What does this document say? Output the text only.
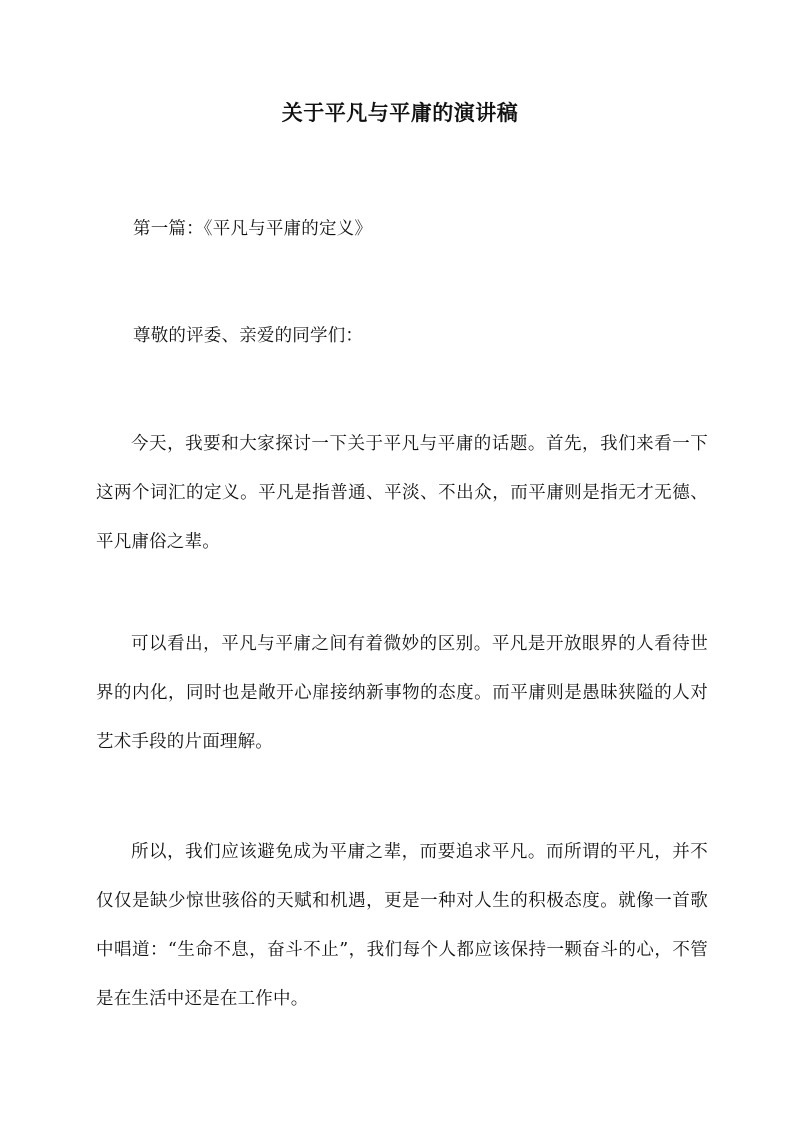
关于平凡与平庸的演讲稿

第一篇：《平凡与平庸的定义》

尊敬的评委、亲爱的同学们：

今天，我要和大家探讨一下关于平凡与平庸的话题。首先，我们来看一下这两个词汇的定义。平凡是指普通、平淡、不出众，而平庸则是指无才无德、平凡庸俗之辈。

可以看出，平凡与平庸之间有着微妙的区别。平凡是开放眼界的人看待世界的内化，同时也是敞开心扉接纳新事物的态度。而平庸则是愚昧狭隘的人对艺术手段的片面理解。

所以，我们应该避免成为平庸之辈，而要追求平凡。而所谓的平凡，并不仅仅是缺少惊世骇俗的天赋和机遇，更是一种对人生的积极态度。就像一首歌中唱道：“生命不息，奋斗不止”，我们每个人都应该保持一颗奋斗的心，不管是在生活中还是在工作中。
